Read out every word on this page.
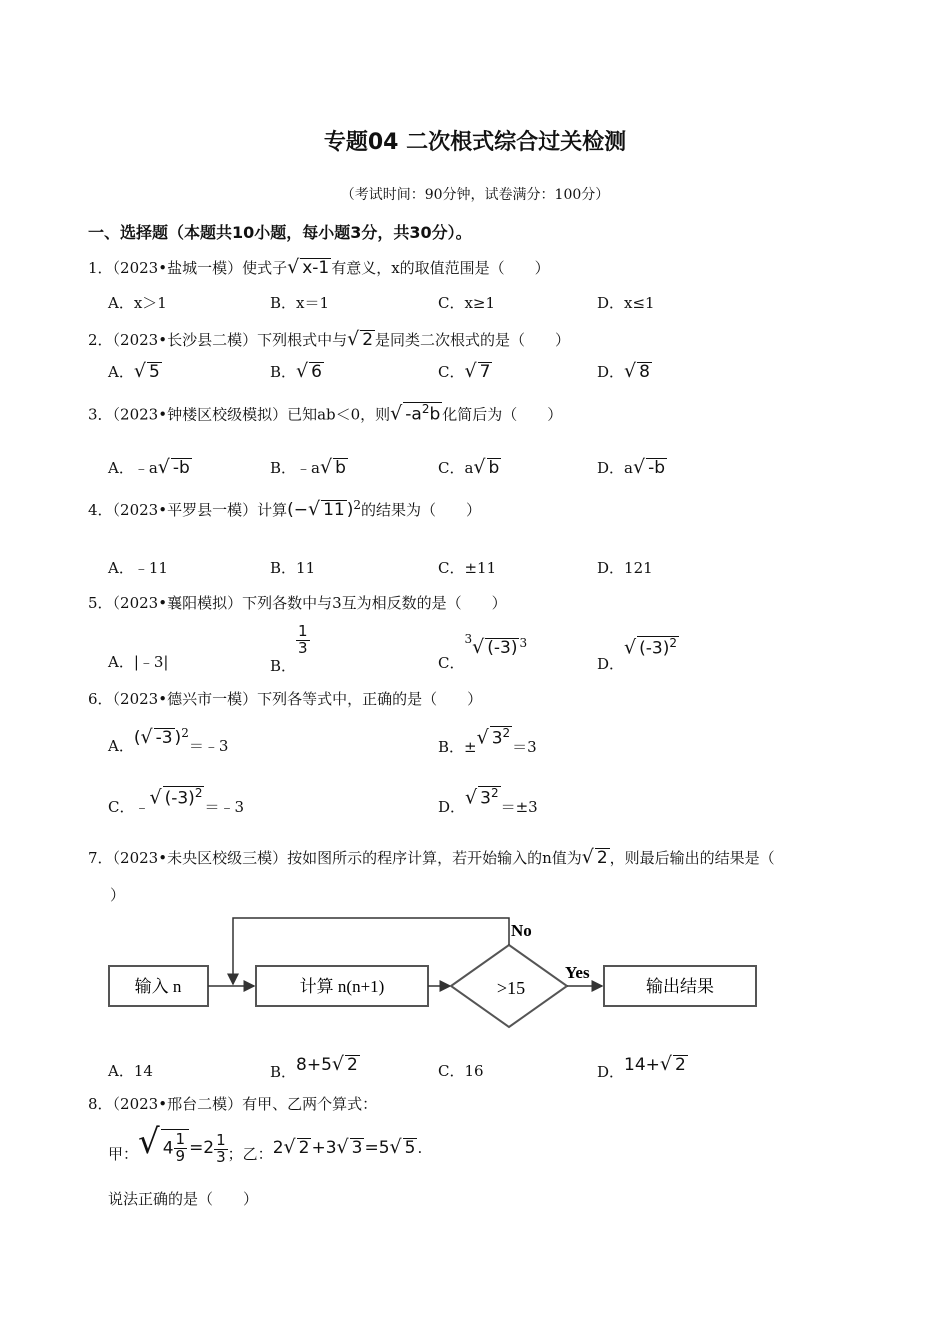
专题04 二次根式综合过关检测
（考试时间：90分钟，试卷满分：100分）
一、选择题（本题共10小题，每小题3分，共30分）。
1．（2023•盐城一模）使式子√ x-1 有意义，x的取值范围是（　　）
A．x＞1	B．x＝1	C．x≥1	D．x≤1
2．（2023•长沙县二模）下列根式中与√ 2 是同类二次根式的是（　　）
A．√ 5	B．√ 6	C．√ 7	D．√ 8
3．（2023•钟楼区校级模拟）已知ab＜0，则√ $-a^2b$ 化简后为（　　）
A．﹣a√ -b	B．﹣a√ b	C．a√ b	D．a√ -b
4．（2023•平罗县一模）计算(−√ 11 )$^2$的结果为（　　）
A．﹣11	B．11	C．±11	D．121
5．（2023•襄阳模拟）下列各数中与3互为相反数的是（　　）
A．|﹣3|	B．
$\frac{1}{3}$
C．$^3$√ (-3) $^3$
D．√ $(-3)^2$
6．（2023•德兴市一模）下列各等式中，正确的是（　　）
A．(√ -3 )$^2$＝﹣3	B．±√ $3^2=3$
C．﹣√ $(-3)^2=﹣3$	D．√ $3^2=\pm 3$
7．（2023•未央区校级三模）按如图所示的程序计算，若开始输入的n值为√ 2 ，则最后输出的结果是（
）
输入 n	计算 n(n+1)	>15
No
Yes
输出结果
A．14	B．8+5√ 2	C．16	D．14+√ 2
8．（2023•邢台二模）有甲、乙两个算式：
甲：√ $4 \frac{1}{9} =2 \frac{1}{3}$ ；乙：2√ 2 +3√ 3 =5√ 5 .
说法正确的是（　　）
